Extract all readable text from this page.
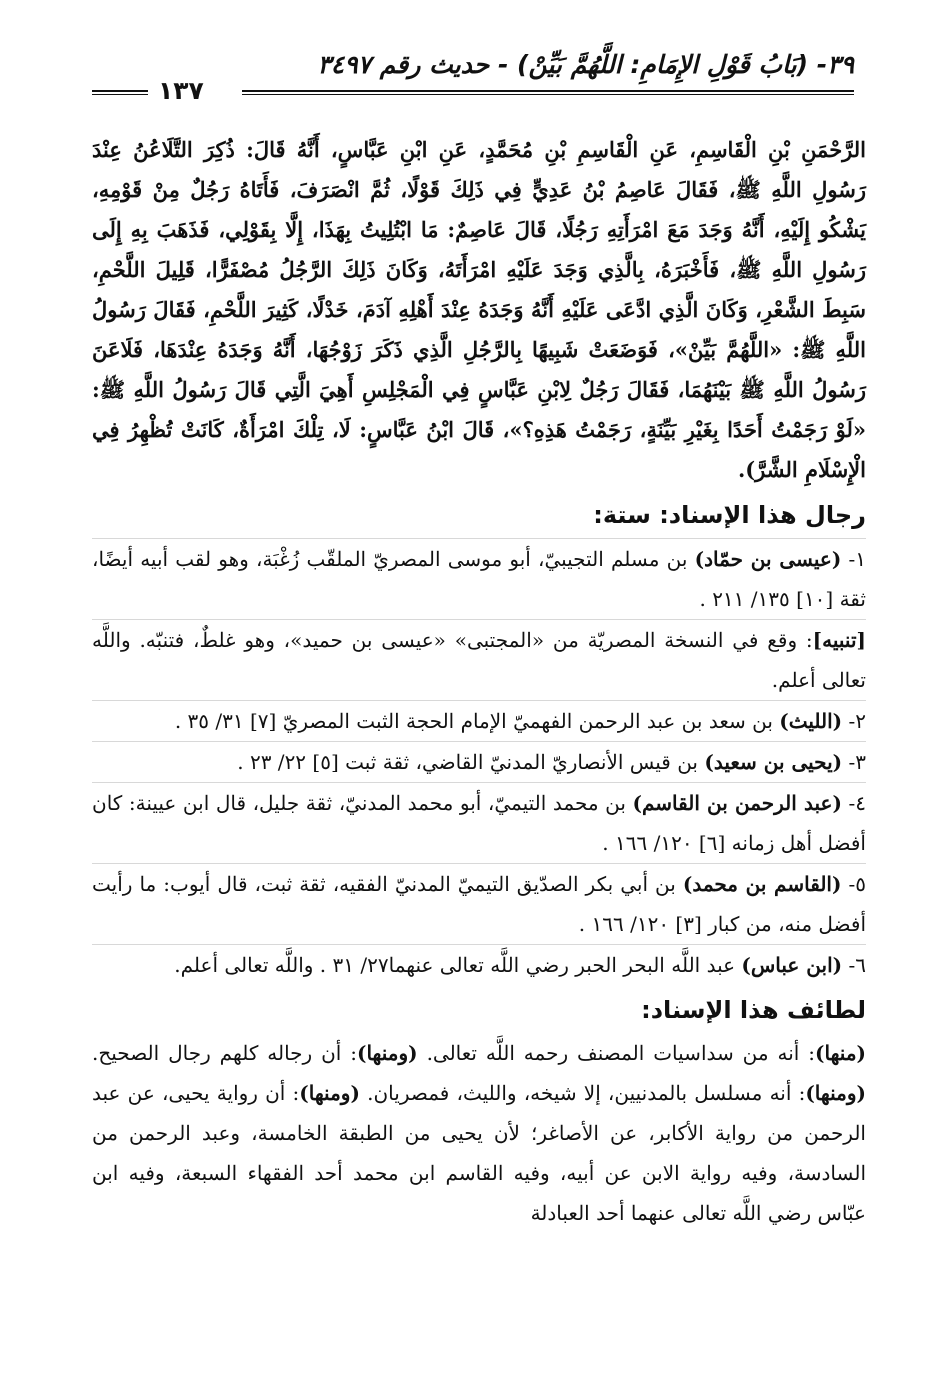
٣٩- (بَابُ قَوْلِ الإِمَامِ: اللَّهُمَّ بَيِّنْ) - حديث رقم ٣٤٩٧
١٣٧

الرَّحْمَنِ بْنِ الْقَاسِمِ، عَنِ الْقَاسِمِ بْنِ مُحَمَّدٍ، عَنِ ابْنِ عَبَّاسٍ، أَنَّهُ قَالَ: ذُكِرَ التَّلَاعُنُ عِنْدَ رَسُولِ اللَّهِ ﷺ، فَقَالَ عَاصِمُ بْنُ عَدِيٍّ فِي ذَلِكَ قَوْلًا، ثُمَّ انْصَرَفَ، فَأَتَاهُ رَجُلٌ مِنْ قَوْمِهِ، يَشْكُو إِلَيْهِ، أَنَّهُ وَجَدَ مَعَ امْرَأَتِهِ رَجُلًا، قَالَ عَاصِمٌ: مَا ابْتُلِيتُ بِهَذَا، إِلَّا بِقَوْلِي، فَذَهَبَ بِهِ إِلَى رَسُولِ اللَّهِ ﷺ، فَأَخْبَرَهُ، بِالَّذِي وَجَدَ عَلَيْهِ امْرَأَتَهُ، وَكَانَ ذَلِكَ الرَّجُلُ مُصْفَرًّا، قَلِيلَ اللَّحْمِ، سَبِطَ الشَّعْرِ، وَكَانَ الَّذِي ادَّعَى عَلَيْهِ أَنَّهُ وَجَدَهُ عِنْدَ أَهْلِهِ آدَمَ، خَدْلًا، كَثِيرَ اللَّحْمِ، فَقَالَ رَسُولُ اللَّهِ ﷺ: «اللَّهُمَّ بَيِّنْ»، فَوَضَعَتْ شَبِيهًا بِالرَّجُلِ الَّذِي ذَكَرَ زَوْجُهَا، أَنَّهُ وَجَدَهُ عِنْدَهَا، فَلَاعَنَ رَسُولُ اللَّهِ ﷺ بَيْنَهُمَا، فَقَالَ رَجُلٌ لِابْنِ عَبَّاسٍ فِي الْمَجْلِسِ أَهِيَ الَّتِي قَالَ رَسُولُ اللَّهِ ﷺ: «لَوْ رَجَمْتُ أَحَدًا بِغَيْرِ بَيِّنَةٍ، رَجَمْتُ هَذِهِ؟»، قَالَ ابْنُ عَبَّاسٍ: لَا، تِلْكَ امْرَأَةٌ، كَانَتْ تُظْهِرُ فِي الْإِسْلَامِ الشَّرَّ).

رجال هذا الإسناد: ستة:

١- (عيسى بن حمّاد) بن مسلم التجيبيّ، أبو موسى المصريّ الملقّب زُغْبَة، وهو لقب أبيه أيضًا، ثقة [١٠] ١٣٥/ ٢١١ .

[تنبيه]: وقع في النسخة المصريّة من «المجتبى» «عيسى بن حميد»، وهو غلطٌ، فتنبّه. واللَّه تعالى أعلم.

٢- (الليث) بن سعد بن عبد الرحمن الفهميّ الإمام الحجة الثبت المصريّ [٧] ٣١/ ٣٥ .

٣- (يحيى بن سعيد) بن قيس الأنصاريّ المدنيّ القاضي، ثقة ثبت [٥] ٢٢/ ٢٣ .

٤- (عبد الرحمن بن القاسم) بن محمد التيميّ، أبو محمد المدنيّ، ثقة جليل، قال ابن عيينة: كان أفضل أهل زمانه [٦] ١٢٠/ ١٦٦ .

٥- (القاسم بن محمد) بن أبي بكر الصدّيق التيميّ المدنيّ الفقيه، ثقة ثبت، قال أيوب: ما رأيت أفضل منه، من كبار [٣] ١٢٠/ ١٦٦ .

٦- (ابن عباس) عبد اللَّه البحر الحبر رضي اللَّه تعالى عنهما٢٧/ ٣١ . واللَّه تعالى أعلم.

لطائف هذا الإسناد:

(منها): أنه من سداسيات المصنف رحمه اللَّه تعالى. (ومنها): أن رجاله كلهم رجال الصحيح. (ومنها): أنه مسلسل بالمدنيين، إلا شيخه، والليث، فمصريان. (ومنها): أن رواية يحيى، عن عبد الرحمن من رواية الأكابر، عن الأصاغر؛ لأن يحيى من الطبقة الخامسة، وعبد الرحمن من السادسة، وفيه رواية الابن عن أبيه، وفيه القاسم ابن محمد أحد الفقهاء السبعة، وفيه ابن عبّاس رضي اللَّه تعالى عنهما أحد العبادلة
